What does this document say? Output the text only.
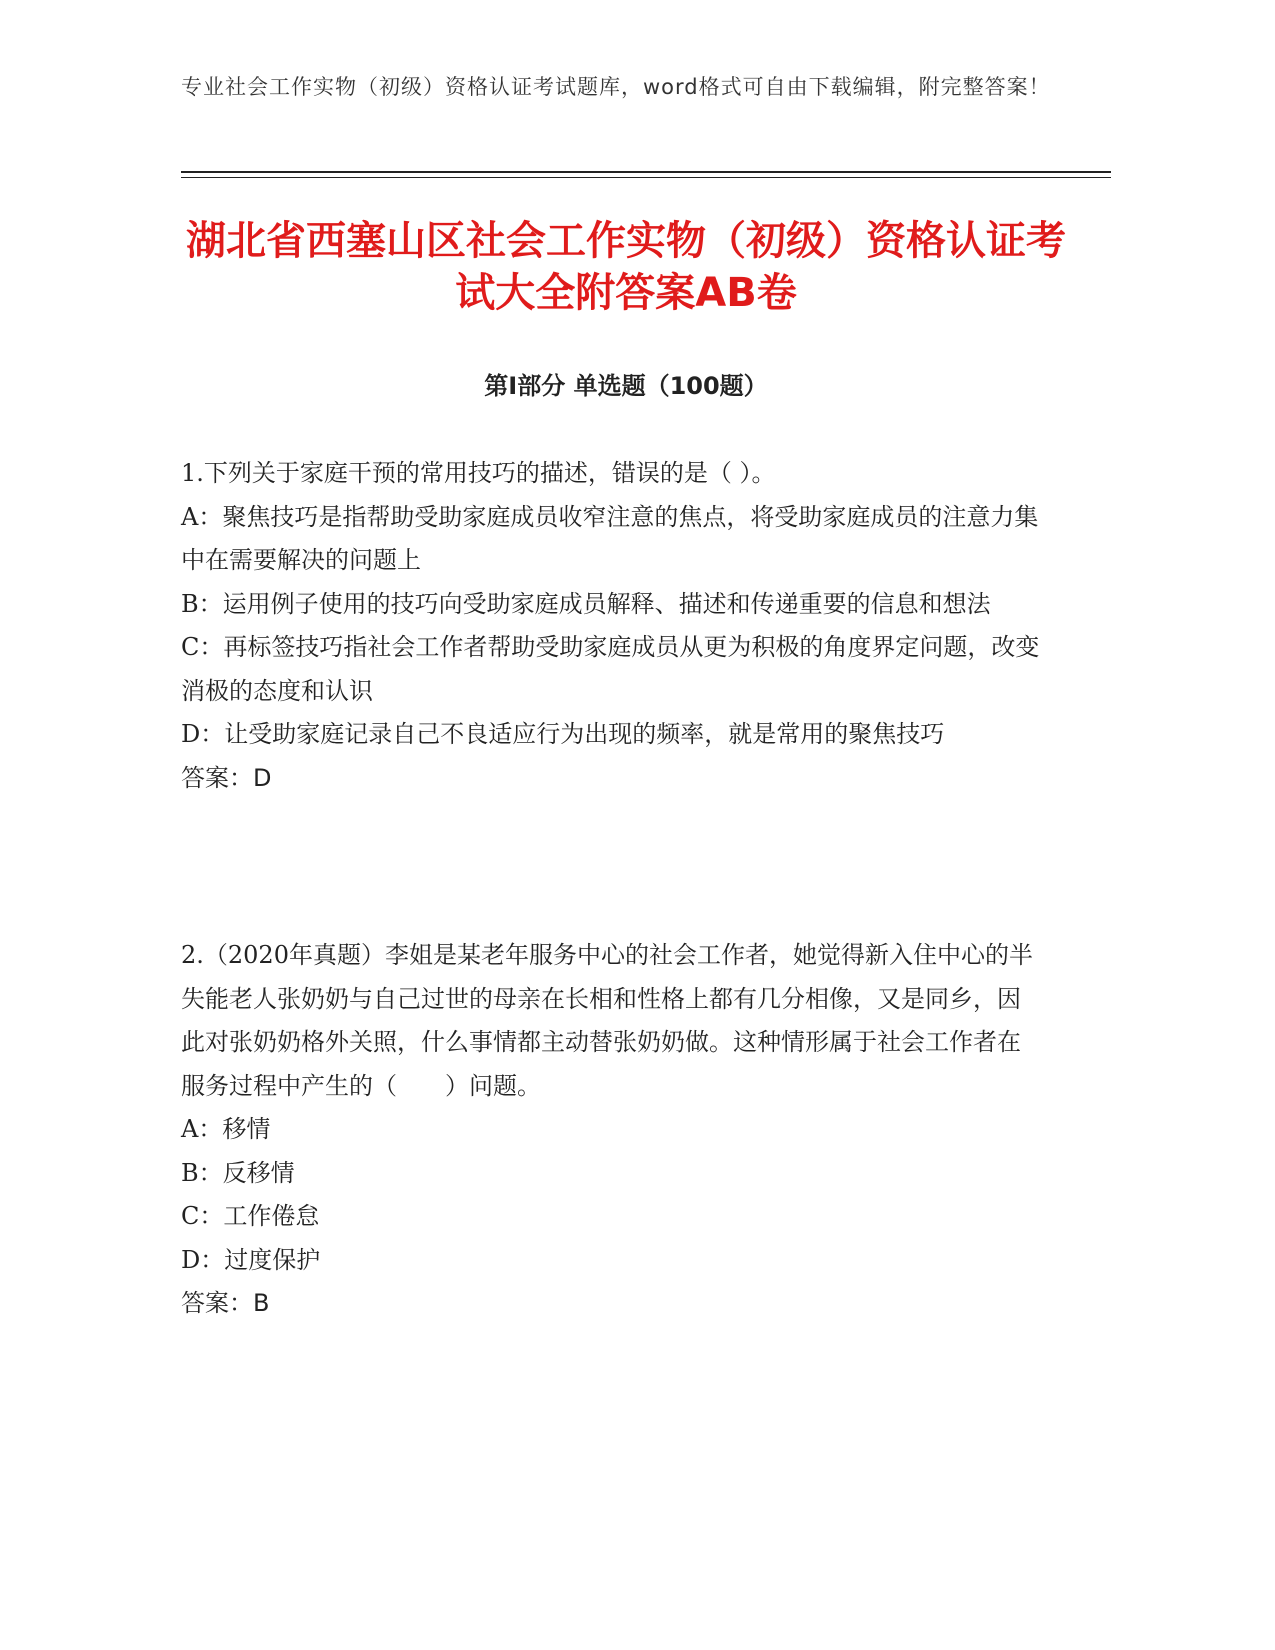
专业社会工作实物（初级）资格认证考试题库，word格式可自由下载编辑，附完整答案！
湖北省西塞山区社会工作实物（初级）资格认证考试大全附答案AB卷
第I部分 单选题（100题）
1.下列关于家庭干预的常用技巧的描述，错误的是（ ）。
A：聚焦技巧是指帮助受助家庭成员收窄注意的焦点，将受助家庭成员的注意力集中在需要解决的问题上
B：运用例子使用的技巧向受助家庭成员解释、描述和传递重要的信息和想法
C：再标签技巧指社会工作者帮助受助家庭成员从更为积极的角度界定问题，改变消极的态度和认识
D：让受助家庭记录自己不良适应行为出现的频率，就是常用的聚焦技巧
答案：D
2.（2020年真题）李姐是某老年服务中心的社会工作者，她觉得新入住中心的半失能老人张奶奶与自己过世的母亲在长相和性格上都有几分相像，又是同乡，因此对张奶奶格外关照，什么事情都主动替张奶奶做。这种情形属于社会工作者在服务过程中产生的（　　）问题。
A：移情
B：反移情
C：工作倦怠
D：过度保护
答案：B
